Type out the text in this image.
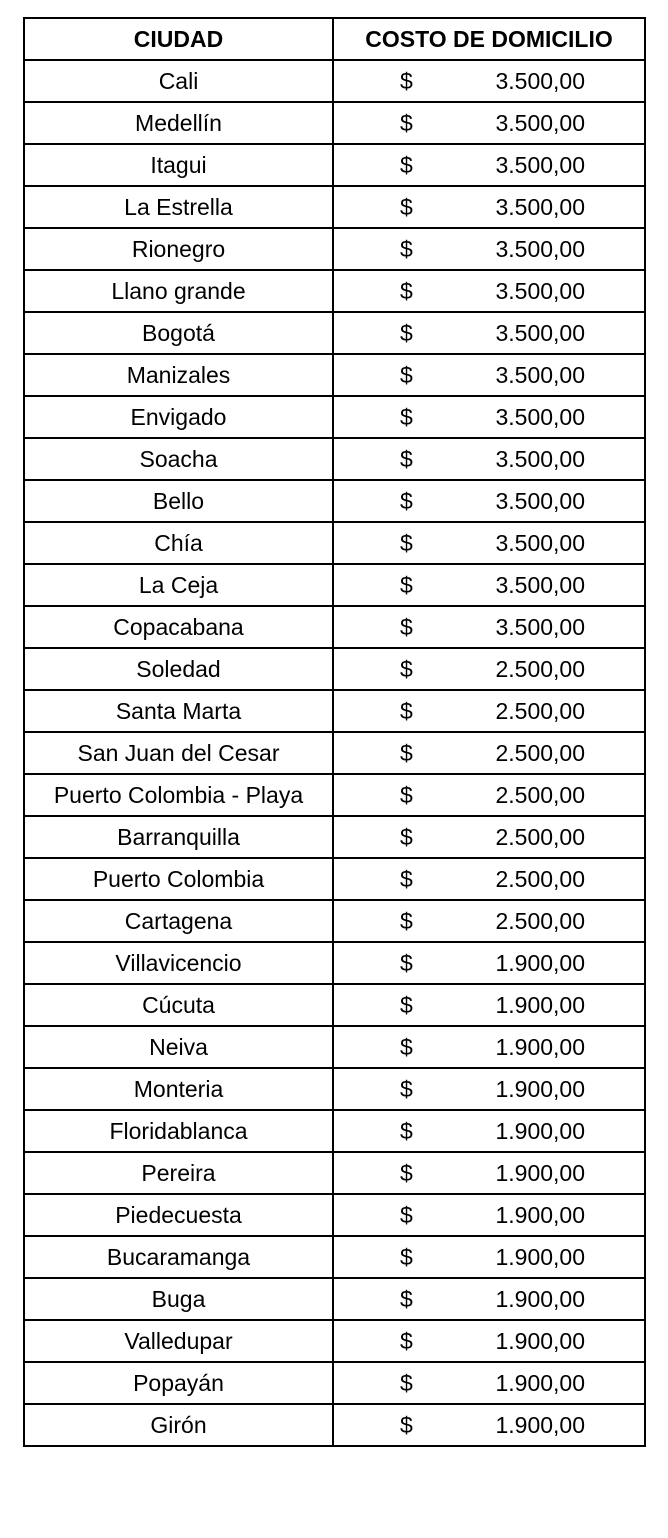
CIUDAD	COSTO DE DOMICILIO
Cali	$ 3.500,00

Medellín	$ 3.500,00

Itagui	$ 3.500,00

La Estrella	$ 3.500,00

Rionegro	$ 3.500,00

Llano grande	$ 3.500,00

Bogotá	$ 3.500,00

Manizales	$ 3.500,00

Envigado	$ 3.500,00

Soacha	$ 3.500,00

Bello	$ 3.500,00

Chía	$ 3.500,00

La Ceja	$ 3.500,00

Copacabana	$ 3.500,00

Soledad	$ 2.500,00

Santa Marta	$ 2.500,00

San Juan del Cesar	$ 2.500,00

Puerto Colombia - Playa	$ 2.500,00

Barranquilla	$ 2.500,00

Puerto Colombia	$ 2.500,00

Cartagena	$ 2.500,00

Villavicencio	$ 1.900,00

Cúcuta	$ 1.900,00

Neiva	$ 1.900,00

Monteria	$ 1.900,00

Floridablanca	$ 1.900,00

Pereira	$ 1.900,00

Piedecuesta	$ 1.900,00

Bucaramanga	$ 1.900,00

Buga	$ 1.900,00

Valledupar	$ 1.900,00

Popayán	$ 1.900,00

Girón	$ 1.900,00
